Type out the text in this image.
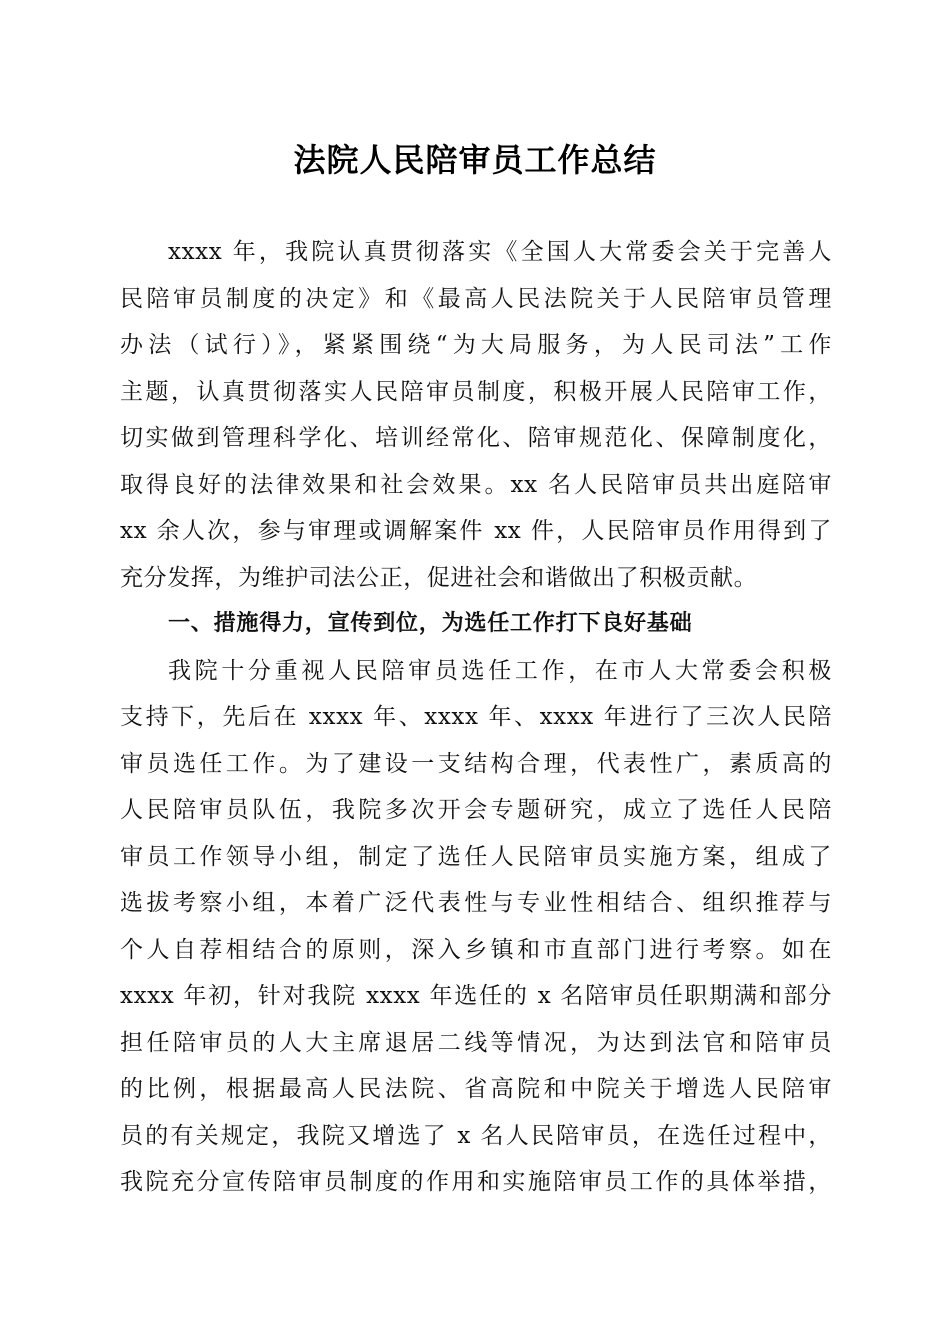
法院人民陪审员工作总结
xxxx 年，我院认真贯彻落实《全国人大常委会关于完善人
民陪审员制度的决定》和《最高人民法院关于人民陪审员管理
办法（试行）》，紧紧围绕“为大局服务，为人民司法”工作
主题，认真贯彻落实人民陪审员制度，积极开展人民陪审工作，
切实做到管理科学化、培训经常化、陪审规范化、保障制度化，
取得良好的法律效果和社会效果。xx 名人民陪审员共出庭陪审
xx 余人次，参与审理或调解案件 xx 件，人民陪审员作用得到了
充分发挥，为维护司法公正，促进社会和谐做出了积极贡献。
一、措施得力，宣传到位，为选任工作打下良好基础
我院十分重视人民陪审员选任工作，在市人大常委会积极
支持下，先后在 xxxx 年、xxxx 年、xxxx 年进行了三次人民陪
审员选任工作。为了建设一支结构合理，代表性广，素质高的
人民陪审员队伍，我院多次开会专题研究，成立了选任人民陪
审员工作领导小组，制定了选任人民陪审员实施方案，组成了
选拔考察小组，本着广泛代表性与专业性相结合、组织推荐与
个人自荐相结合的原则，深入乡镇和市直部门进行考察。如在
xxxx 年初，针对我院 xxxx 年选任的 x 名陪审员任职期满和部分
担任陪审员的人大主席退居二线等情况，为达到法官和陪审员
的比例，根据最高人民法院、省高院和中院关于增选人民陪审
员的有关规定，我院又增选了 x 名人民陪审员，在选任过程中，
我院充分宣传陪审员制度的作用和实施陪审员工作的具体举措，
